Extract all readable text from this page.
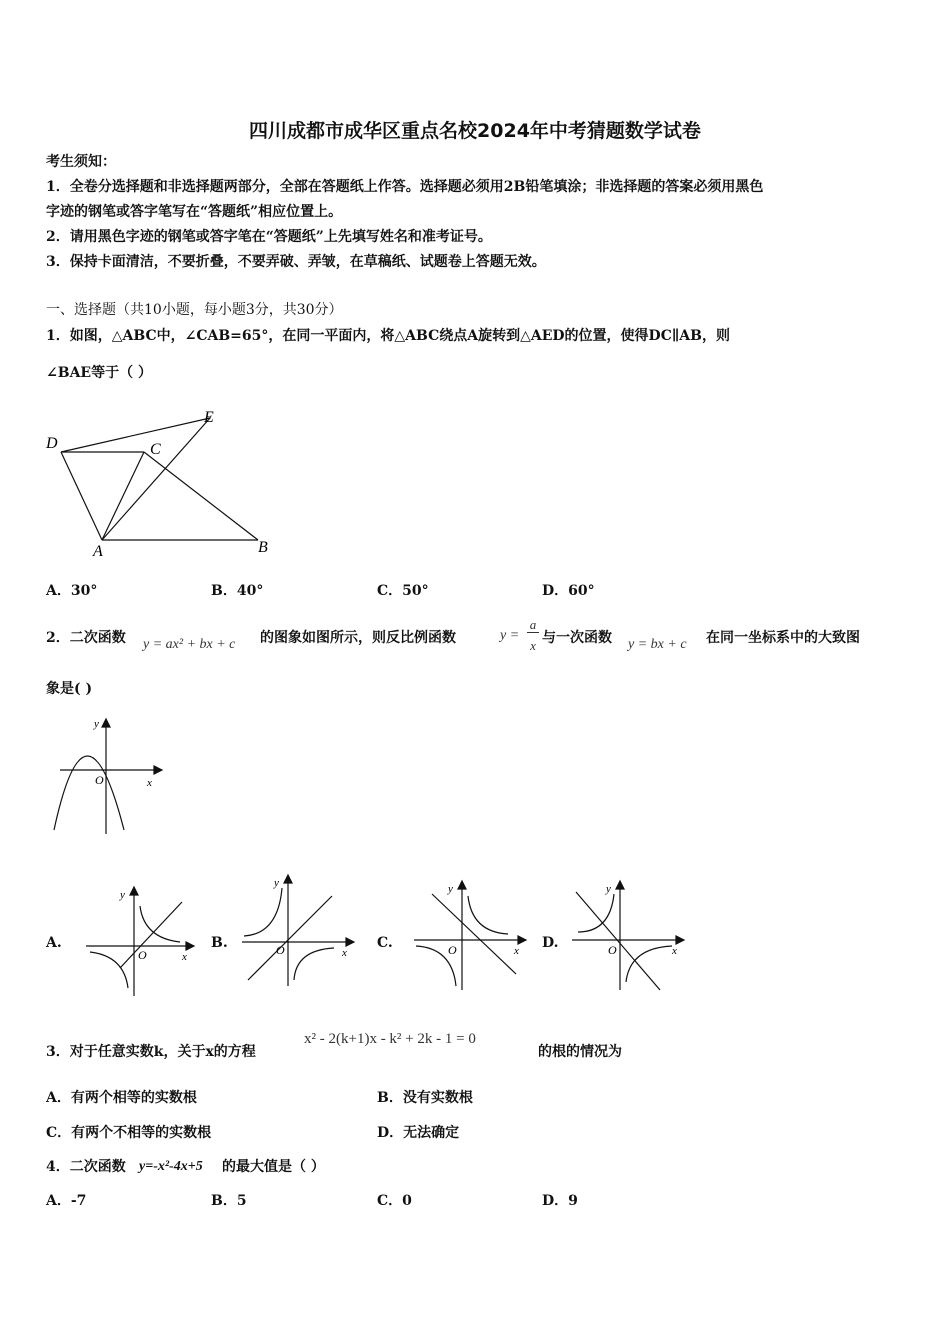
四川成都市成华区重点名校2024年中考猜题数学试卷
考生须知：
1．全卷分选择题和非选择题两部分，全部在答题纸上作答。选择题必须用2B铅笔填涂；非选择题的答案必须用黑色
字迹的钢笔或答字笔写在“答题纸”相应位置上。
2．请用黑色字迹的钢笔或答字笔在“答题纸”上先填写姓名和准考证号。
3．保持卡面清洁，不要折叠，不要弄破、弄皱，在草稿纸、试题卷上答题无效。
一、选择题（共10小题，每小题3分，共30分）
1．如图，△ABC中，∠CAB=65°，在同一平面内，将△ABC绕点A旋转到△AED的位置，使得DC∥AB，则
∠BAE等于（ ）
D
E
C
A	B
A．30°	B．40°	C．50°	D．60°
2．二次函数 y = ax² + bx + c 的图象如图所示，则反比例函数	y =
a
x 与一次函数 y = bx + c 在同一坐标系中的大致图
象是( )
y
x
O
A.
y
x
O
B.
y
x
O	C.
y
x
O	D.
y
x
O
3．对于任意实数k，关于x的方程
x² - 2(k+1)x - k² + 2k - 1 = 0
的根的情况为
A．有两个相等的实数根	B．没有实数根
C．有两个不相等的实数根	D．无法确定
4．二次函数 y=-x²-4x+5 的最大值是（ ）
A．-7	B．5	C．0	D．9
